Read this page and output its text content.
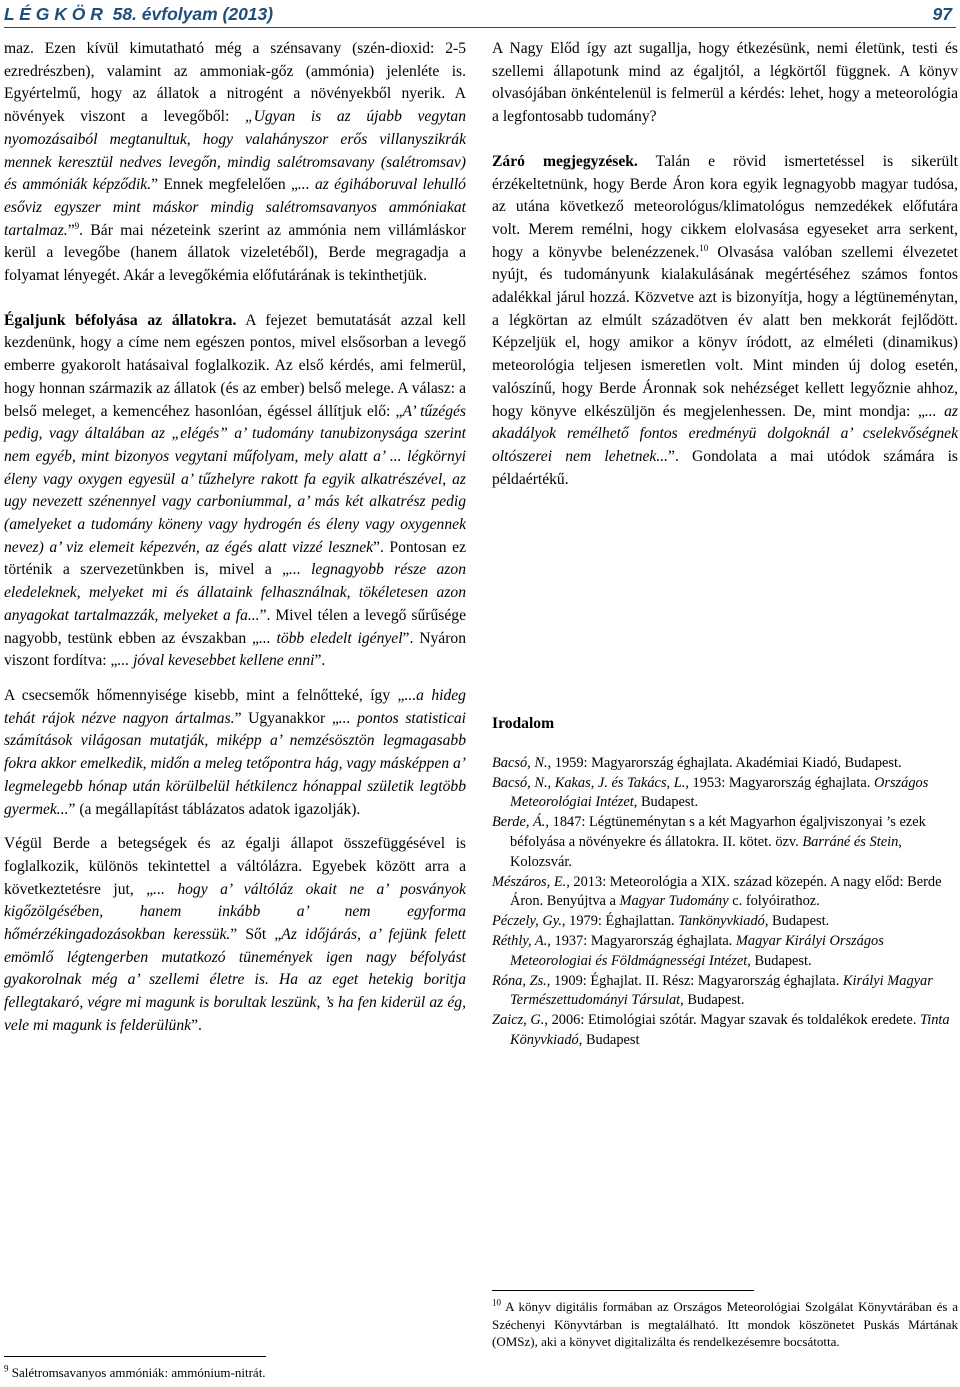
L É G K Ö R  58. évfolyam (2013)	97

maz. Ezen kívül kimutatható még a szénsavany (szén-dioxid: 2-5 ezredrészben), valamint az ammoniak-gőz (ammónia) jelenléte is. Egyértelmű, hogy az állatok a nitrogént a növényekből nyerik. A növények viszont a levegőből: „Ugyan is az újabb vegytan nyomozásaiból megtanultuk, hogy valahányszor erős villanyszikrák mennek keresztül nedves levegőn, mindig salétromsavany (salétromsav) és ammóniák képződik.” Ennek megfelelően „... az égiháboruval lehulló esőviz egyszer mint máskor mindig salétromsavanyos ammóniakat tartalmaz.”$^9$. Bár mai nézeteink szerint az ammónia nem villámláskor kerül a levegőbe (hanem állatok vizeletéből), Berde megragadja a folyamat lényegét. Akár a levegőkémia előfutárának is tekinthetjük.

Égaljunk béfolyása az állatokra. A fejezet bemutatását azzal kell kezdenünk, hogy a címe nem egészen pontos, mivel elsősorban a levegő emberre gyakorolt hatásaival foglalkozik. Az első kérdés, ami felmerül, hogy honnan származik az állatok (és az ember) belső melege. A válasz: a belső meleget, a kemencéhez hasonlóan, égéssel állítjuk elő: „A’ tűzégés pedig, vagy általában az „elégés” a’ tudomány tanubizonysága szerint nem egyéb, mint bizonyos vegytani műfolyam, mely alatt a’ ... légkörnyi éleny vagy oxygen egyesül a’ tűzhelyre rakott fa egyik alkatrészével, az ugy nevezett szénennyel vagy carboniummal, a’ más két alkatrész pedig (amelyeket a tudomány köneny vagy hydrogén és éleny vagy oxygennek nevez) a’ viz elemeit képezvén, az égés alatt vizzé lesznek”. Pontosan ez történik a szervezetünkben is, mivel a „... legnagyobb része azon eledeleknek, melyeket mi és állataink felhasználnak, tökéletesen azon anyagokat tartalmazzák, melyeket a fa...”. Mivel télen a levegő sűrűsége nagyobb, testünk ebben az évszakban „... több eledelt igényel”. Nyáron viszont fordítva: „... jóval kevesebbet kellene enni”.

A csecsemők hőmennyisége kisebb, mint a felnőtteké, így „...a hideg tehát rájok nézve nagyon ártalmas.” Ugyanakkor „... pontos statisticai számítások világosan mutatják, miképp a’ nemzésösztön legmagasabb fokra akkor emelkedik, midőn a meleg tetőpontra hág, vagy másképpen a’ legmelegebb hónap után körülbelül hétkilencz hónappal születik legtöbb gyermek...” (a megállapítást táblázatos adatok igazolják).

Végül Berde a betegségek és az égalji állapot összefüggésével is foglalkozik, különös tekintettel a váltólázra. Egyebek között arra a következtetésre jut, „... hogy a’ váltóláz okait ne a’ posványok kigőzölgésében, hanem inkább a’ nem egyforma hőmérzékingadozásokban keressük.” Sőt „Az időjárás, a’ fejünk felett emömlő légtengerben mutatkozó tünemények igen nagy béfolyást gyakorolnak még a’ szellemi életre is. Ha az eget hetekig boritja fellegtakaró, végre mi magunk is borultak leszünk, ’s ha fen kiderül az ég, vele mi magunk is felderülünk”.

A Nagy Előd így azt sugallja, hogy étkezésünk, nemi életünk, testi és szellemi állapotunk mind az égaljtól, a légkörtől függnek. A könyv olvasójában önkéntelenül is felmerül a kérdés: lehet, hogy a meteorológia a legfontosabb tudomány?

Záró megjegyzések. Talán e rövid ismertetéssel is sikerült érzékeltetnünk, hogy Berde Áron kora egyik legnagyobb magyar tudósa, az utána következő meteorológus/klimatológus nemzedékek előfutára volt. Merem remélni, hogy cikkem elolvasása egyeseket arra serkent, hogy a könyvbe belenézzenek.$^{10}$ Olvasása valóban szellemi élvezetet nyújt, és tudományunk kialakulásának megértéséhez számos fontos adalékkal járul hozzá. Közvetve azt is bizonyítja, hogy a légtüneménytan, a légkörtan az elmúlt századötven év alatt ben mekkorát fejlődött. Képzeljük el, hogy amikor a könyv íródott, az elméleti (dinamikus) meteorológia teljesen ismeretlen volt. Mint minden új dolog esetén, valószínű, hogy Berde Áronnak sok nehézséget kellett legyőznie ahhoz, hogy könyve elkészüljön és megjelenhessen. De, mint mondja: „... az akadályok remélhető fontos eredményü dolgoknál a’ cselekvőségnek oltószerei nem lehetnek...”. Gondolata a mai utódok számára is példaértékű.

Irodalom

Bacsó, N., 1959: Magyarország éghajlata. Akadémiai Kiadó, Budapest.

Bacsó, N., Kakas, J. és Takács, L., 1953: Magyarország éghajlata. Országos Meteorológiai Intézet, Budapest.

Berde, Á., 1847: Légtüneménytan s a két Magyarhon égaljviszonyai ’s ezek béfolyása a növényekre és állatokra. II. kötet. özv. Barráné és Stein, Kolozsvár.

Mészáros, E., 2013: Meteorológia a XIX. század közepén. A nagy előd: Berde Áron. Benyújtva a Magyar Tudomány c. folyóirathoz.

Péczely, Gy., 1979: Éghajlattan. Tankönyvkiadó, Budapest.

Réthly, A., 1937: Magyarország éghajlata. Magyar Királyi Országos Meteorologiai és Földmágnességi Intézet, Budapest.

Róna, Zs., 1909: Éghajlat. II. Rész: Magyarország éghajlata. Királyi Magyar Természettudományi Társulat, Budapest.

Zaicz, G., 2006: Etimológiai szótár. Magyar szavak és toldalékok eredete. Tinta Könyvkiadó, Budapest

$^9$ Salétromsavanyos ammóniák: ammónium-nitrát.
$^{10}$ A könyv digitális formában az Országos Meteorológiai Szolgálat Könyvtárában és a Széchenyi Könyvtárban is megtalálható. Itt mondok köszönetet Puskás Mártának (OMSz), aki a könyvet digitalizálta és rendelkezésemre bocsátotta.
